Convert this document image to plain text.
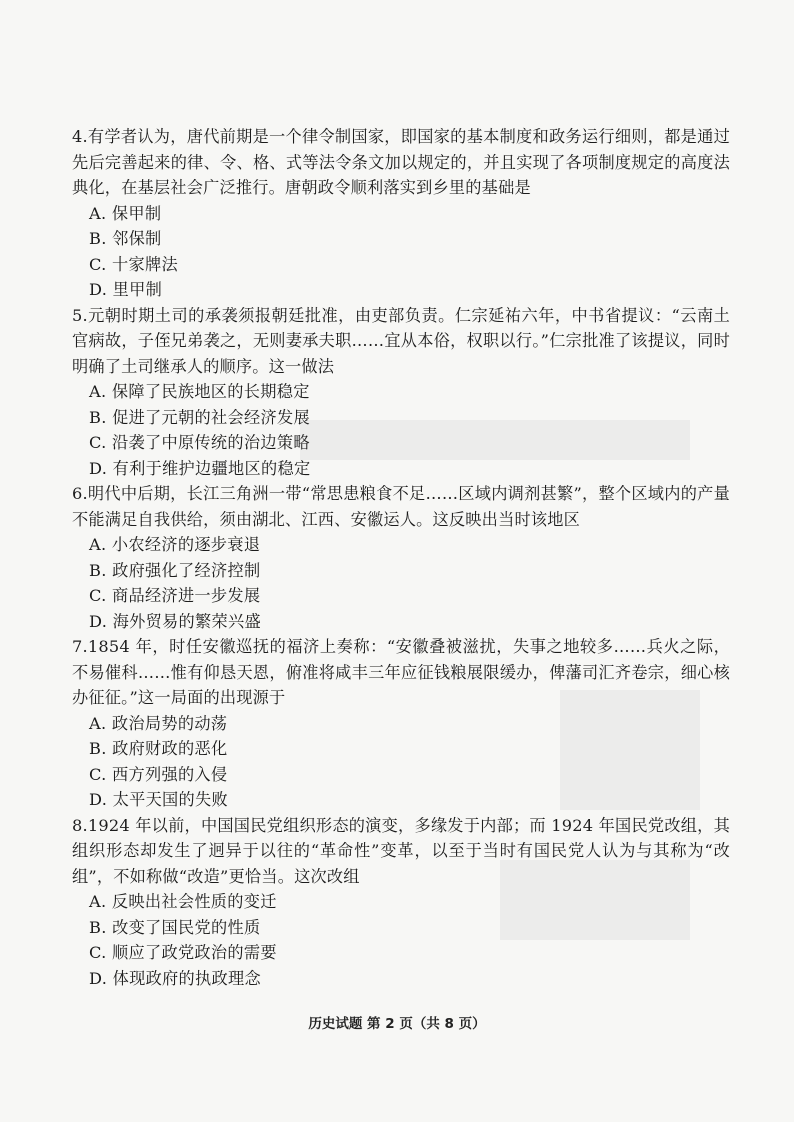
4.有学者认为，唐代前期是一个律令制国家，即国家的基本制度和政务运行细则，都是通过先后完善起来的律、令、格、式等法令条文加以规定的，并且实现了各项制度规定的高度法典化，在基层社会广泛推行。唐朝政令顺利落实到乡里的基础是

A. 保甲制
B. 邻保制
C. 十家牌法
D. 里甲制

5.元朝时期土司的承袭须报朝廷批准，由吏部负责。仁宗延祐六年，中书省提议：“云南土官病故，子侄兄弟袭之，无则妻承夫职……宜从本俗，权职以行。”仁宗批准了该提议，同时明确了土司继承人的顺序。这一做法

A. 保障了民族地区的长期稳定
B. 促进了元朝的社会经济发展
C. 沿袭了中原传统的治边策略
D. 有利于维护边疆地区的稳定

6.明代中后期，长江三角洲一带“常思患粮食不足……区域内调剂甚繁”，整个区域内的产量不能满足自我供给，须由湖北、江西、安徽运人。这反映出当时该地区

A. 小农经济的逐步衰退
B. 政府强化了经济控制
C. 商品经济进一步发展
D. 海外贸易的繁荣兴盛

7.1854 年，时任安徽巡抚的福济上奏称：“安徽叠被滋扰，失事之地较多……兵火之际，不易催科……惟有仰恳天恩，俯准将咸丰三年应征钱粮展限缓办，俾藩司汇齐卷宗，细心核办征征。”这一局面的出现源于

A. 政治局势的动荡
B. 政府财政的恶化
C. 西方列强的入侵
D. 太平天国的失败

8.1924 年以前，中国国民党组织形态的演变，多缘发于内部；而 1924 年国民党改组，其组织形态却发生了迥异于以往的“革命性”变革，以至于当时有国民党人认为与其称为“改组”，不如称做“改造”更恰当。这次改组

A. 反映出社会性质的变迁
B. 改变了国民党的性质
C. 顺应了政党政治的需要
D. 体现政府的执政理念
历史试题 第 2 页（共 8 页）
